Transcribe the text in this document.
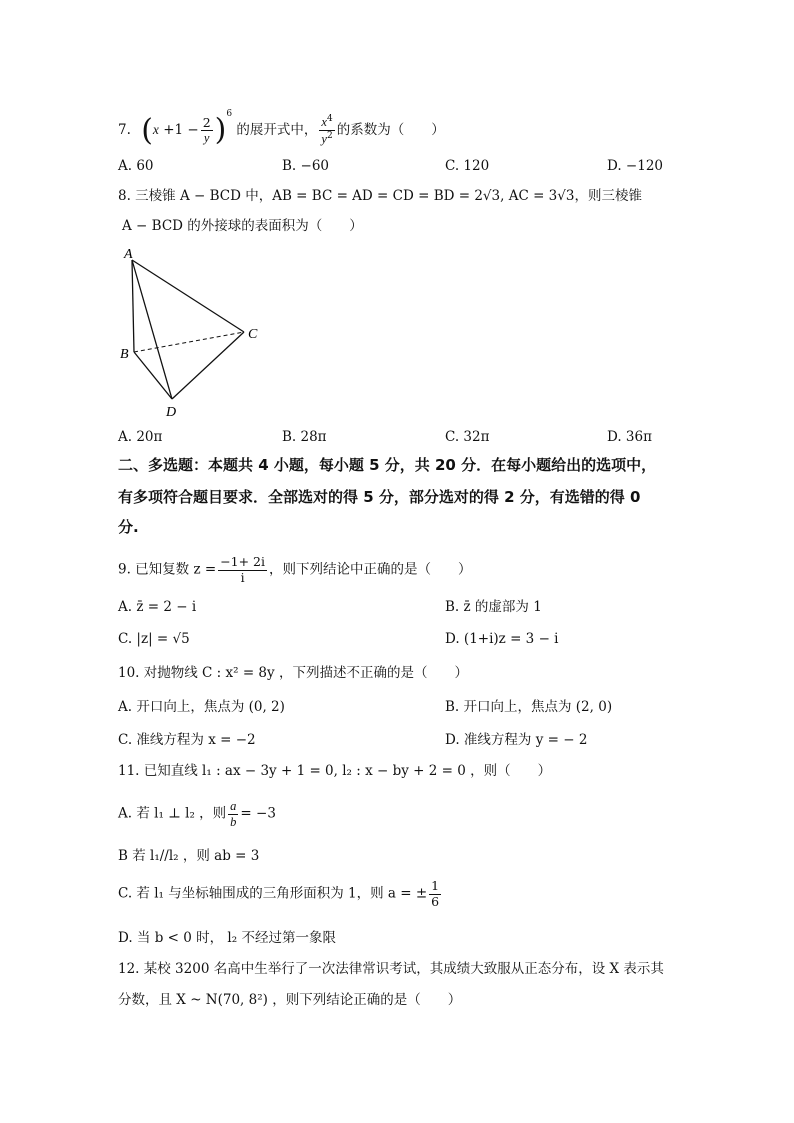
7. $(x +1 - \frac{2}{y} )^6$ 的展开式中， $\frac{x^4}{y^2}$ 的系数为（　　）
A. 60	B. −60	C. 120	D. −120
8. 三棱锥 A − BCD 中，AB = BC = AD = CD = BD = 2√3, AC = 3√3，则三棱锥
A − BCD 的外接球的表面积为（　　）
A
B
C
D
A. 20π	B. 28π	C. 32π	D. 36π
二、多选题：本题共 4 小题，每小题 5 分，共 20 分．在每小题给出的选项中，
有多项符合题目要求．全部选对的得 5 分，部分选对的得 2 分，有选错的得 0
分.
9. 已知复数 $z = \frac{-1+ 2i}{i}$ ，则下列结论中正确的是（　　）
A. z̄ = 2 − i	B. z̄ 的虚部为 1
C. |z| = √5	D. (1+i)z = 3 − i
10. 对抛物线 C : x² = 8y ，下列描述不正确的是（　　）
A. 开口向上，焦点为 (0, 2)	B. 开口向上，焦点为 (2, 0)
C. 准线方程为 x = −2	D. 准线方程为 y = − 2
11. 已知直线 l₁ : ax − 3y + 1 = 0, l₂ : x − by + 2 = 0 ，则（　　）
A. 若 l₁ ⊥ l₂ ，则 $\frac{a}{b} = -3$
B 若 l₁//l₂ ，则 ab = 3
C. 若 l₁ 与坐标轴围成的三角形面积为 1，则 a = ± $\frac{1}{6}$
D. 当 b < 0 时， l₂ 不经过第一象限
12. 某校 3200 名高中生举行了一次法律常识考试，其成绩大致服从正态分布，设 X 表示其
分数，且 X ~ N(70, 8²) ，则下列结论正确的是（　　）
